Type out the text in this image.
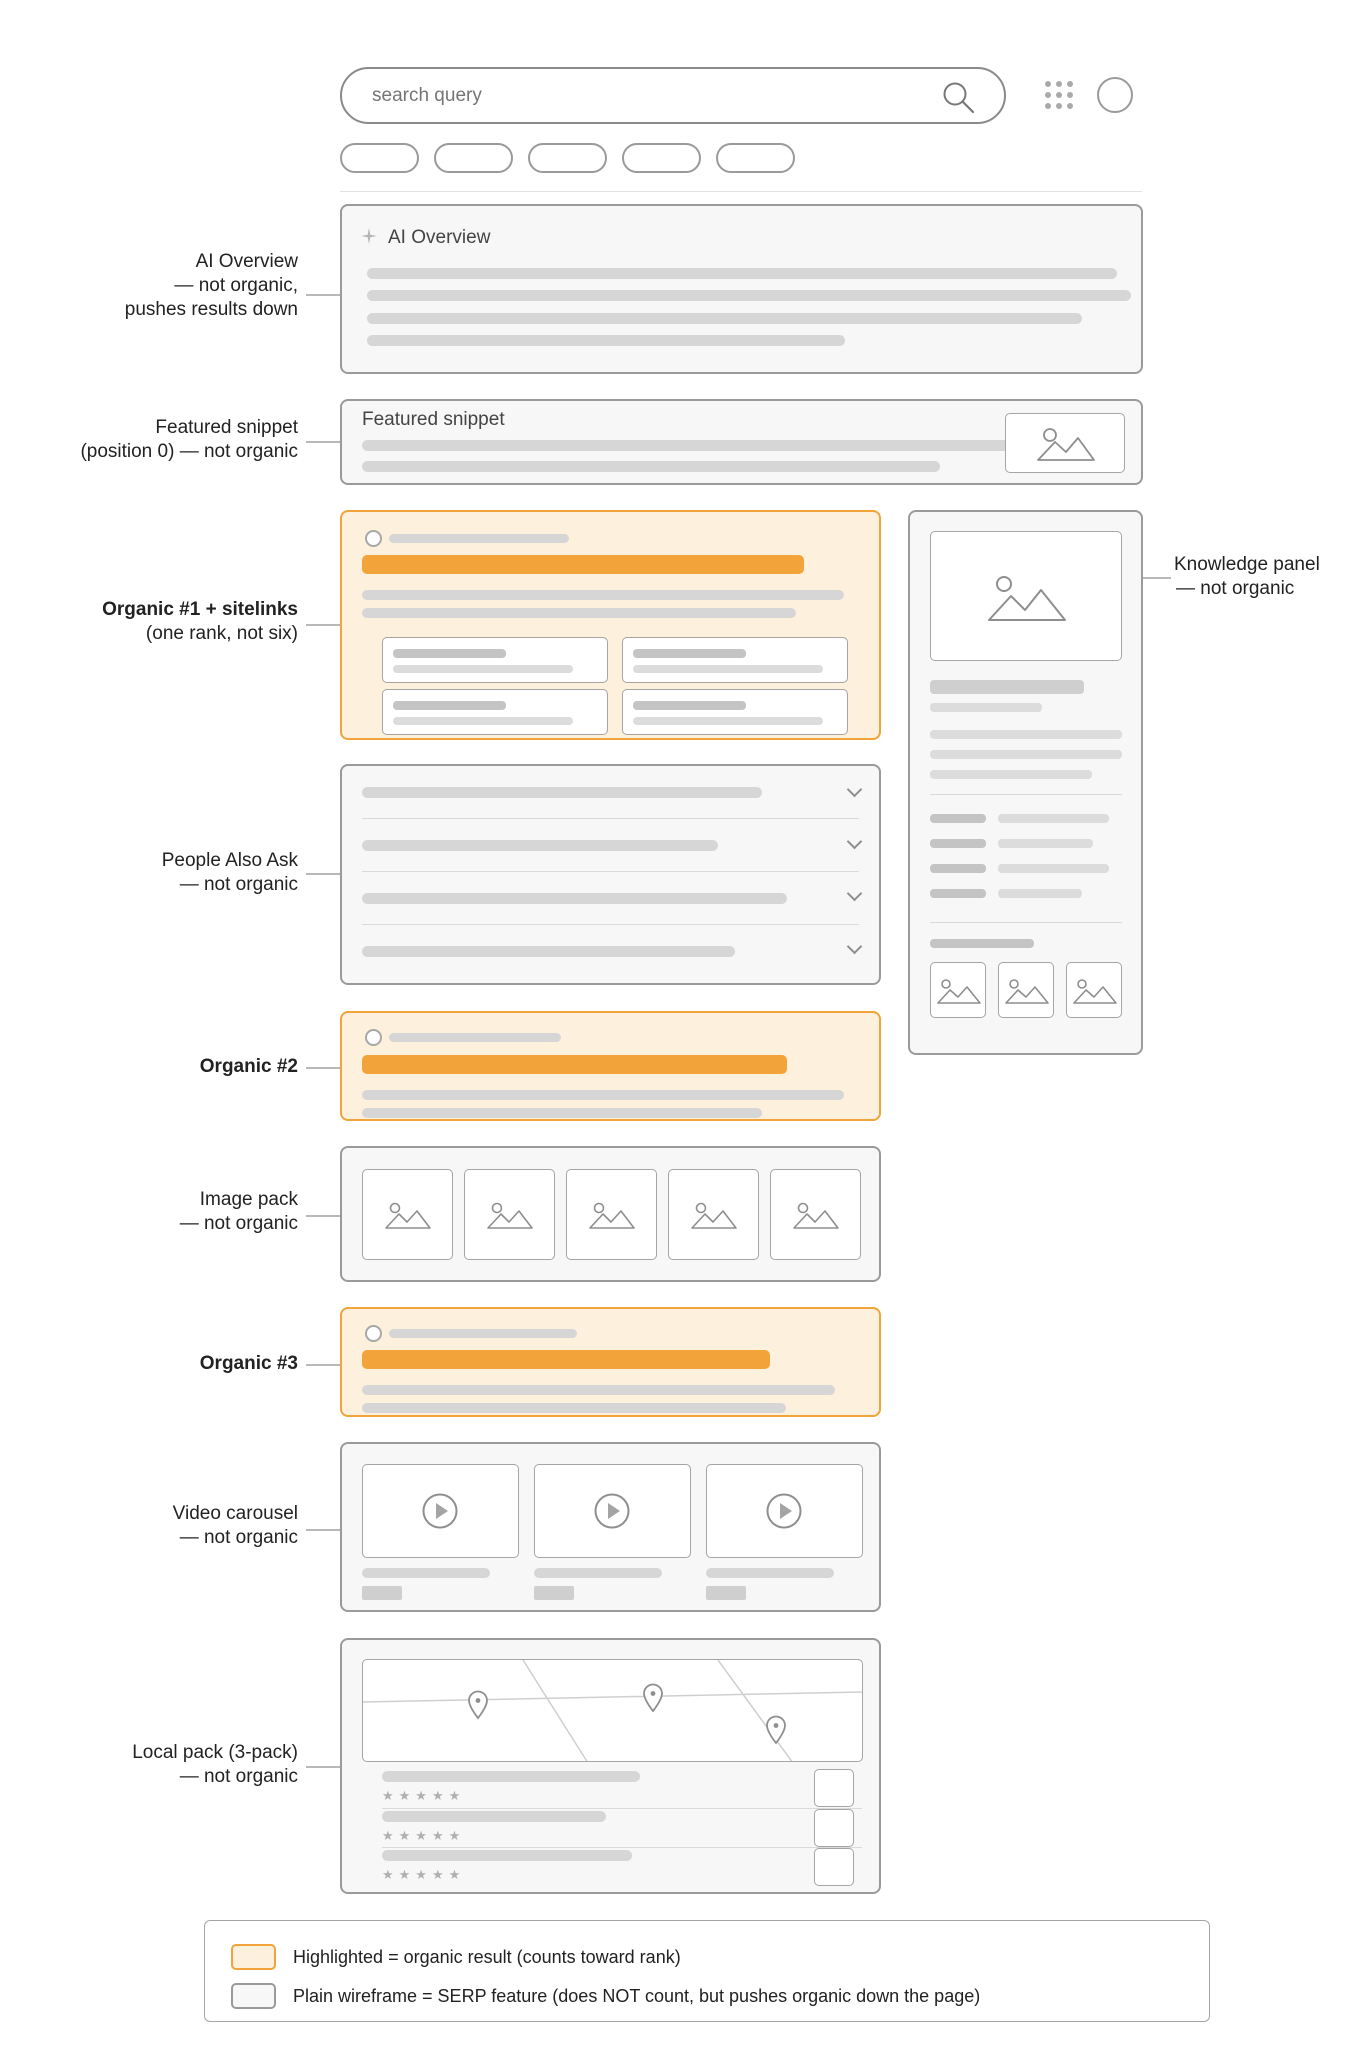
search query
AI Overview
— not organic,
pushes results down
Featured snippet
(position 0) — not organic
Organic #1 + sitelinks
(one rank, not six)
People Also Ask
— not organic
Organic #2
Image pack
— not organic
Organic #3
Video carousel
— not organic
Local pack (3-pack)
— not organic
Knowledge panel
— not organic
AI Overview
Featured snippet
★★★★★
★★★★★
★★★★★
Highlighted = organic result (counts toward rank)
Plain wireframe = SERP feature (does NOT count, but pushes organic down the page)
